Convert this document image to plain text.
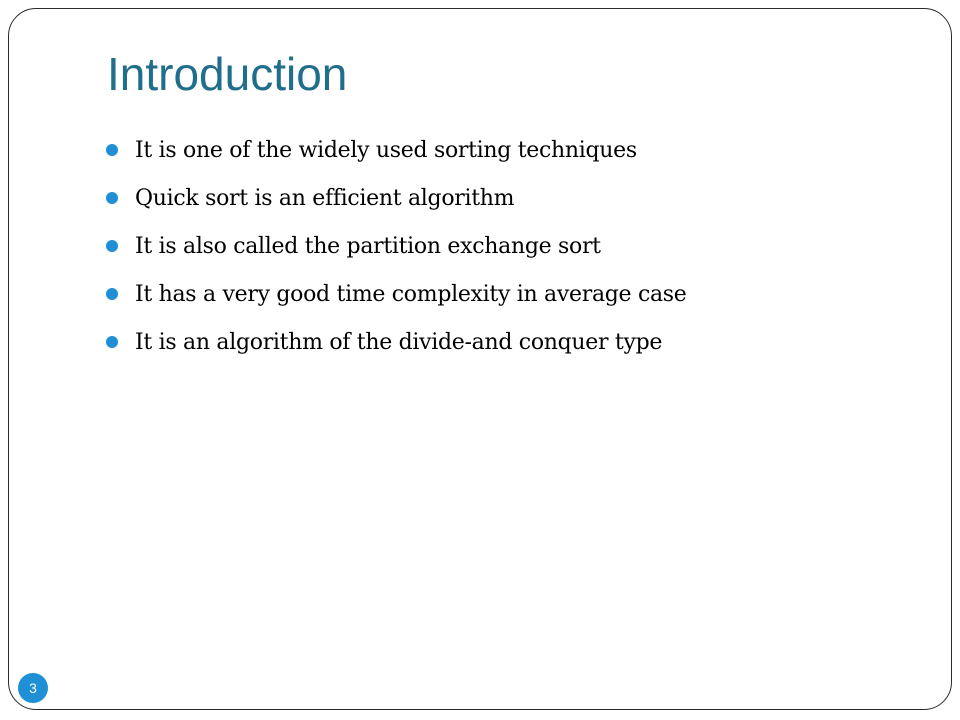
Introduction
It is one of the widely used sorting techniques
Quick sort is an efficient algorithm
It is also called the partition exchange sort
It has a very good time complexity in average case
It is an algorithm of the divide-and conquer type
3
